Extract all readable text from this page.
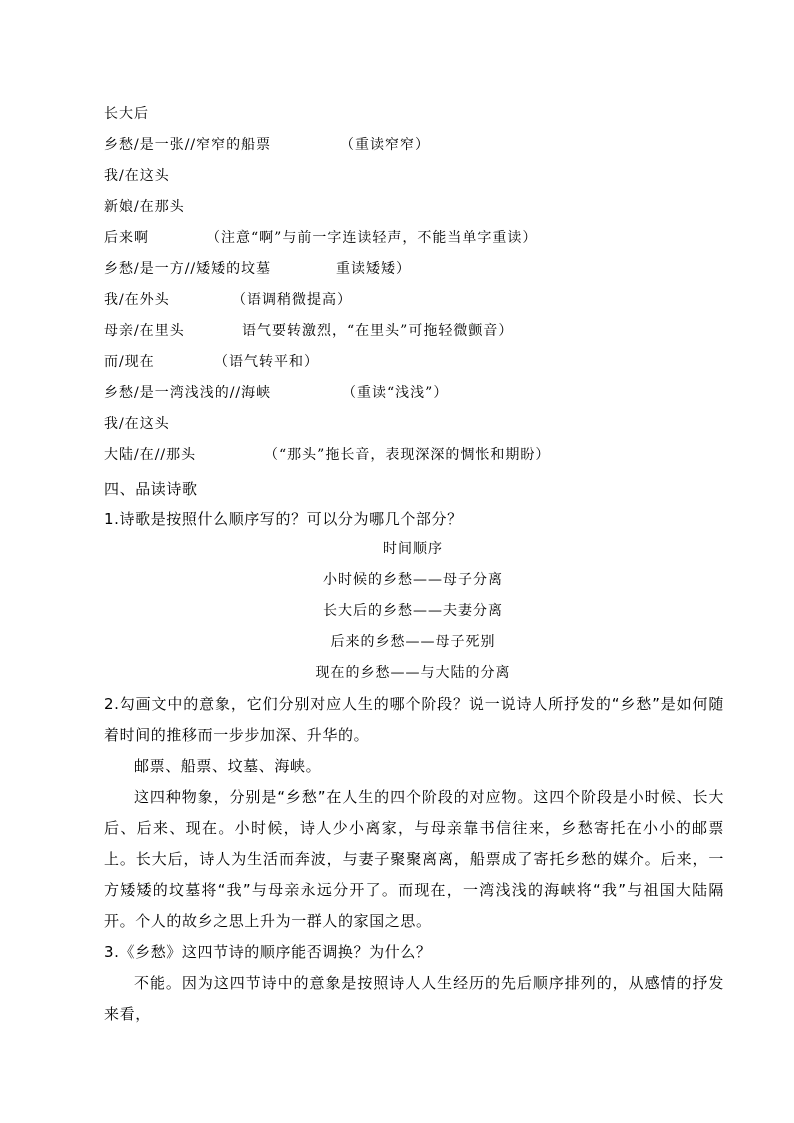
长大后
乡愁/是一张//窄窄的船票	（重读窄窄）
我/在这头
新娘/在那头
后来啊	（注意“啊”与前一字连读轻声，不能当单字重读）
乡愁/是一方//矮矮的坟墓	重读矮矮）
我/在外头	（语调稍微提高）
母亲/在里头	语气要转激烈，“在里头”可拖轻微颤音）
而/现在	（语气转平和）
乡愁/是一湾浅浅的//海峡	（重读“浅浅”）
我/在这头
大陆/在//那头	（“那头”拖长音，表现深深的惆怅和期盼）
四、品读诗歌
1.诗歌是按照什么顺序写的？可以分为哪几个部分？
时间顺序
小时候的乡愁——母子分离
长大后的乡愁——夫妻分离
后来的乡愁——母子死别
现在的乡愁——与大陆的分离

2.勾画文中的意象，它们分别对应人生的哪个阶段？说一说诗人所抒发的“乡愁”是如何随着时间的推移而一步步加深、升华的。

邮票、船票、坟墓、海峡。

这四种物象，分别是“乡愁”在人生的四个阶段的对应物。这四个阶段是小时候、长大后、后来、现在。小时候，诗人少小离家，与母亲靠书信往来，乡愁寄托在小小的邮票上。长大后，诗人为生活而奔波，与妻子聚聚离离，船票成了寄托乡愁的媒介。后来，一方矮矮的坟墓将“我”与母亲永远分开了。而现在，一湾浅浅的海峡将“我”与祖国大陆隔开。个人的故乡之思上升为一群人的家国之思。

3.《乡愁》这四节诗的顺序能否调换？为什么？

不能。因为这四节诗中的意象是按照诗人人生经历的先后顺序排列的，从感情的抒发来看，
